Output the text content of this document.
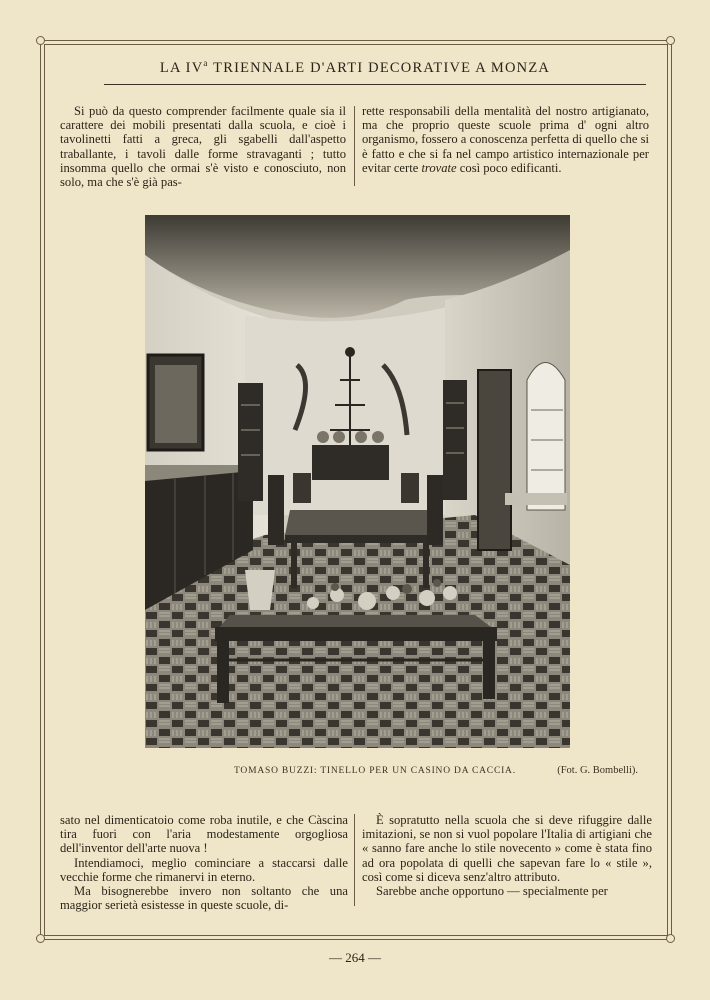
LA $IV^a$ TRIENNALE D'ARTI DECORATIVE A MONZA

Si può da questo comprender facilmente quale sia il carattere dei mobili presentati dalla scuola, e cioè i tavolinetti fatti a greca, gli sgabelli dall'aspetto traballante, i tavoli dalle forme stravaganti ; tutto insomma quello che ormai s'è visto e conosciuto, non solo, ma che s'è già pas-

rette responsabili della mentalità del nostro artigianato, ma che proprio queste scuole prima d' ogni altro organismo, fossero a conoscenza perfetta di quello che si è fatto e che si fa nel campo artistico internazionale per evitar certe trovate così poco edificanti.

TOMASO BUZZI: TINELLO PER UN CASINO DA CACCIA.	(Fot. G. Bombelli).

sato nel dimenticatoio come roba inutile, e che Càscina tira fuori con l'aria modestamente orgogliosa dell'inventor dell'arte nuova !

Intendiamoci, meglio cominciare a staccarsi dalle vecchie forme che rimanervi in eterno.

Ma bisognerebbe invero non soltanto che una maggior serietà esistesse in queste scuole, di-

È sopratutto nella scuola che si deve rifuggire dalle imitazioni, se non si vuol popolare l'Italia di artigiani che « sanno fare anche lo stile novecento » come è stata fino ad ora popolata di quelli che sapevan fare lo « stile », così come si diceva senz'altro attributo.

Sarebbe anche opportuno — specialmente per

— 264 —
